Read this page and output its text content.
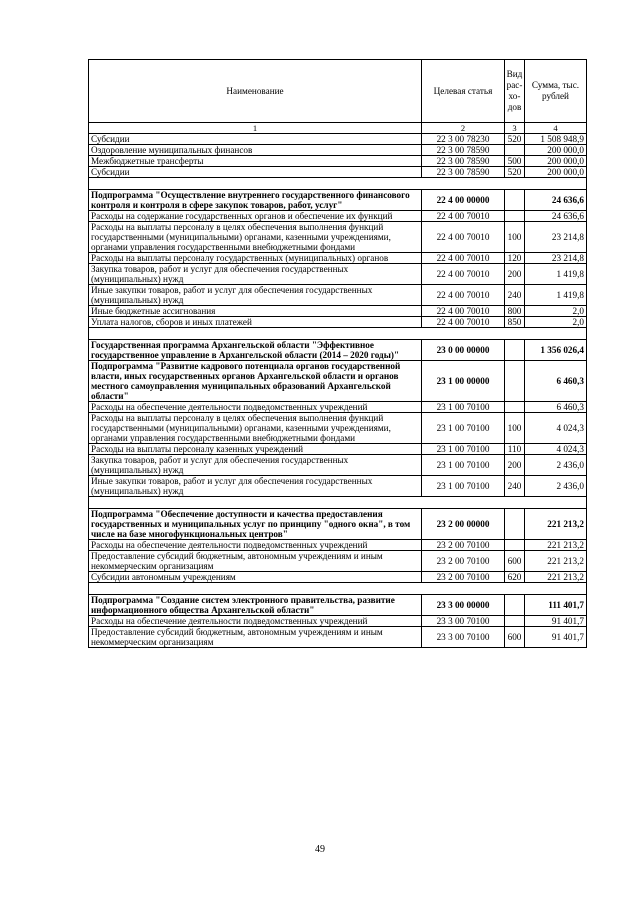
Наименование	Целевая статья	Вид рас-хо-дов	Сумма, тыс. рублей
1	2	3	4
Субсидии	22 3 00 78230	520	1 508 948,9
Оздоровление муниципальных финансов	22 3 00 78590		200 000,0
Межбюджетные трансферты	22 3 00 78590	500	200 000,0
Субсидии	22 3 00 78590	520	200 000,0

Подпрограмма "Осуществление внутреннего государственного финансового контроля и контроля в сфере закупок товаров, работ, услуг"	22 4 00 00000		24 636,6
Расходы на содержание государственных органов и обеспечение их функций	22 4 00 70010		24 636,6
Расходы на выплаты персоналу в целях обеспечения выполнения функций государственными (муниципальными) органами, казенными учреждениями, органами управления государственными внебюджетными фондами	22 4 00 70010	100	23 214,8
Расходы на выплаты персоналу государственных (муниципальных) органов	22 4 00 70010	120	23 214,8
Закупка товаров, работ и услуг для обеспечения государственных (муниципальных) нужд	22 4 00 70010	200	1 419,8
Иные закупки товаров, работ и услуг для обеспечения государственных (муниципальных) нужд	22 4 00 70010	240	1 419,8
Иные бюджетные ассигнования	22 4 00 70010	800	2,0
Уплата налогов, сборов и иных платежей	22 4 00 70010	850	2,0

Государственная программа Архангельской области "Эффективное государственное управление в Архангельской области (2014 – 2020 годы)"	23 0 00 00000		1 356 026,4
Подпрограмма "Развитие кадрового потенциала органов государственной власти, иных государственных органов Архангельской области и органов местного самоуправления муниципальных образований Архангельской области"	23 1 00 00000		6 460,3
Расходы на обеспечение деятельности подведомственных учреждений	23 1 00 70100		6 460,3
Расходы на выплаты персоналу в целях обеспечения выполнения функций государственными (муниципальными) органами, казенными учреждениями, органами управления государственными внебюджетными фондами	23 1 00 70100	100	4 024,3
Расходы на выплаты персоналу казенных учреждений	23 1 00 70100	110	4 024,3
Закупка товаров, работ и услуг для обеспечения государственных (муниципальных) нужд	23 1 00 70100	200	2 436,0
Иные закупки товаров, работ и услуг для обеспечения государственных (муниципальных) нужд	23 1 00 70100	240	2 436,0

Подпрограмма "Обеспечение доступности и качества предоставления государственных и муниципальных услуг по принципу "одного окна", в том числе на базе многофункциональных центров"	23 2 00 00000		221 213,2
Расходы на обеспечение деятельности подведомственных учреждений	23 2 00 70100		221 213,2
Предоставление субсидий бюджетным, автономным учреждениям и иным некоммерческим организациям	23 2 00 70100	600	221 213,2
Субсидии автономным учреждениям	23 2 00 70100	620	221 213,2

Подпрограмма "Создание систем электронного правительства, развитие информационного общества Архангельской области"	23 3 00 00000		111 401,7
Расходы на обеспечение деятельности подведомственных учреждений	23 3 00 70100		91 401,7
Предоставление субсидий бюджетным, автономным учреждениям и иным некоммерческим организациям	23 3 00 70100	600	91 401,7
49
